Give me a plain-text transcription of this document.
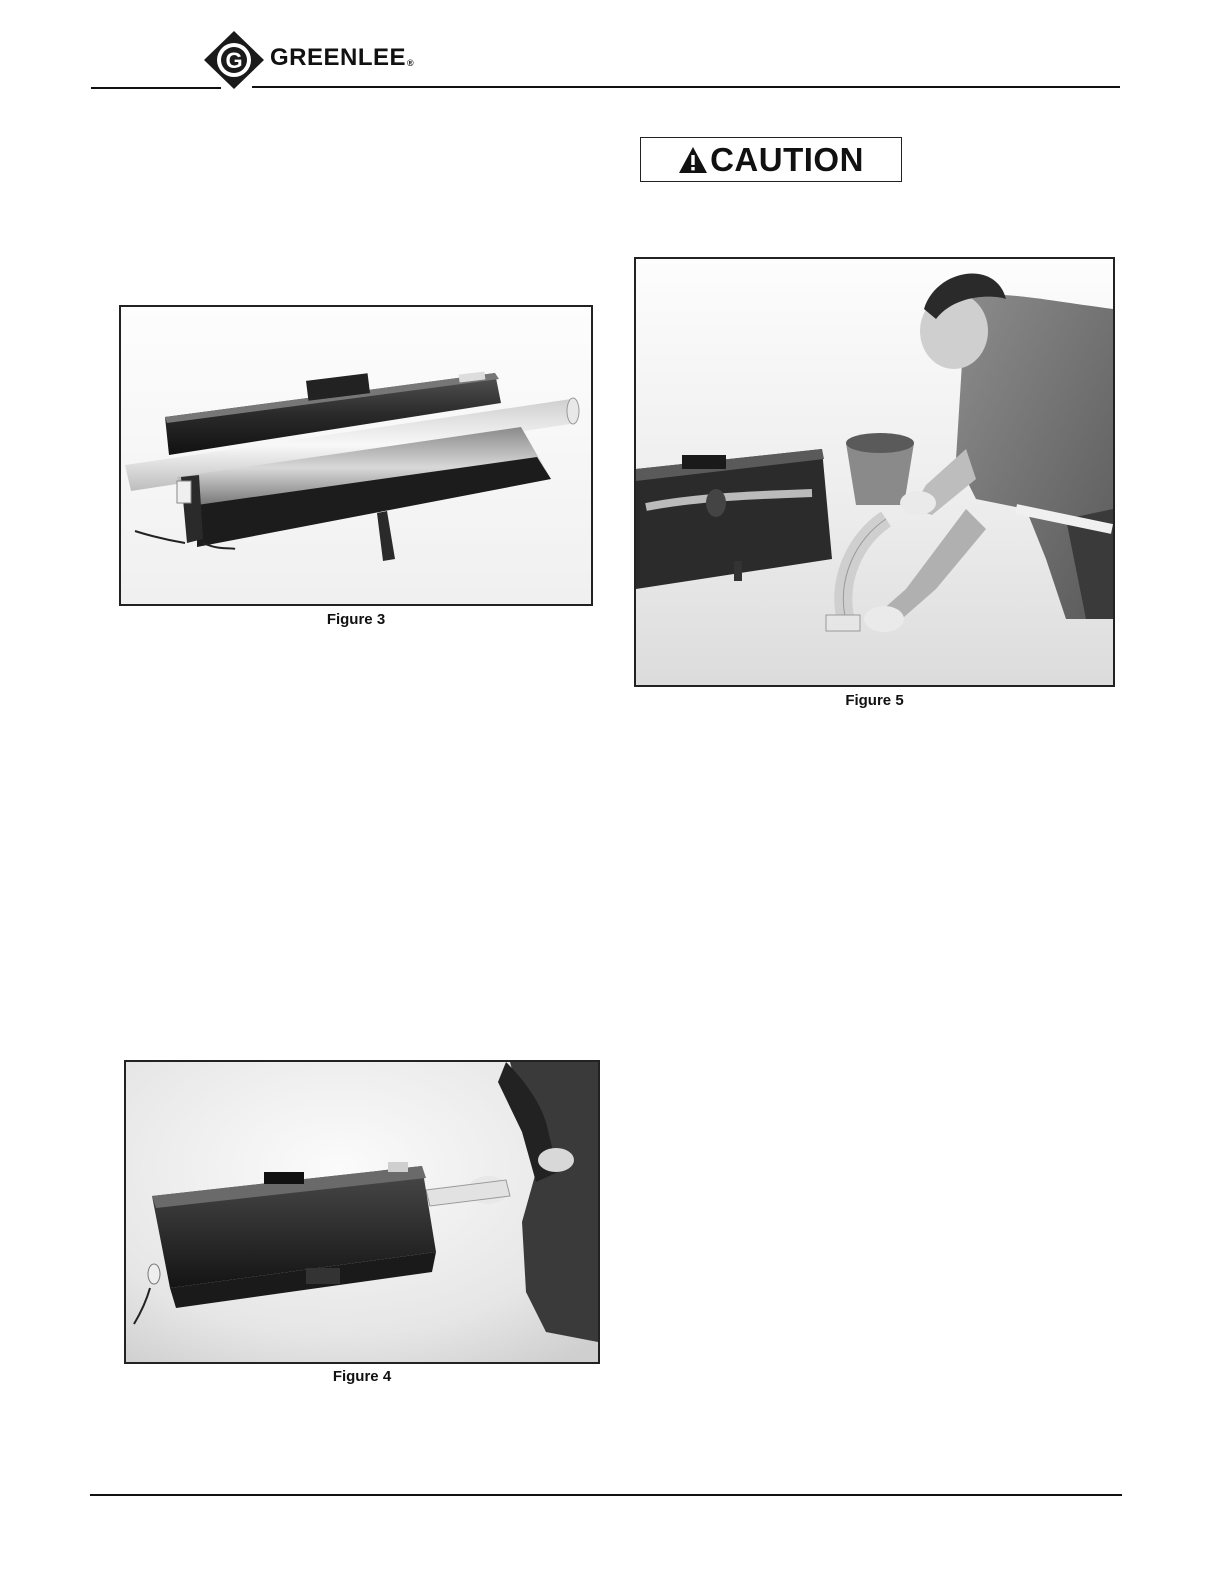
G GREENLEE®
CAUTION
Figure 3
Figure 4
Figure 5
